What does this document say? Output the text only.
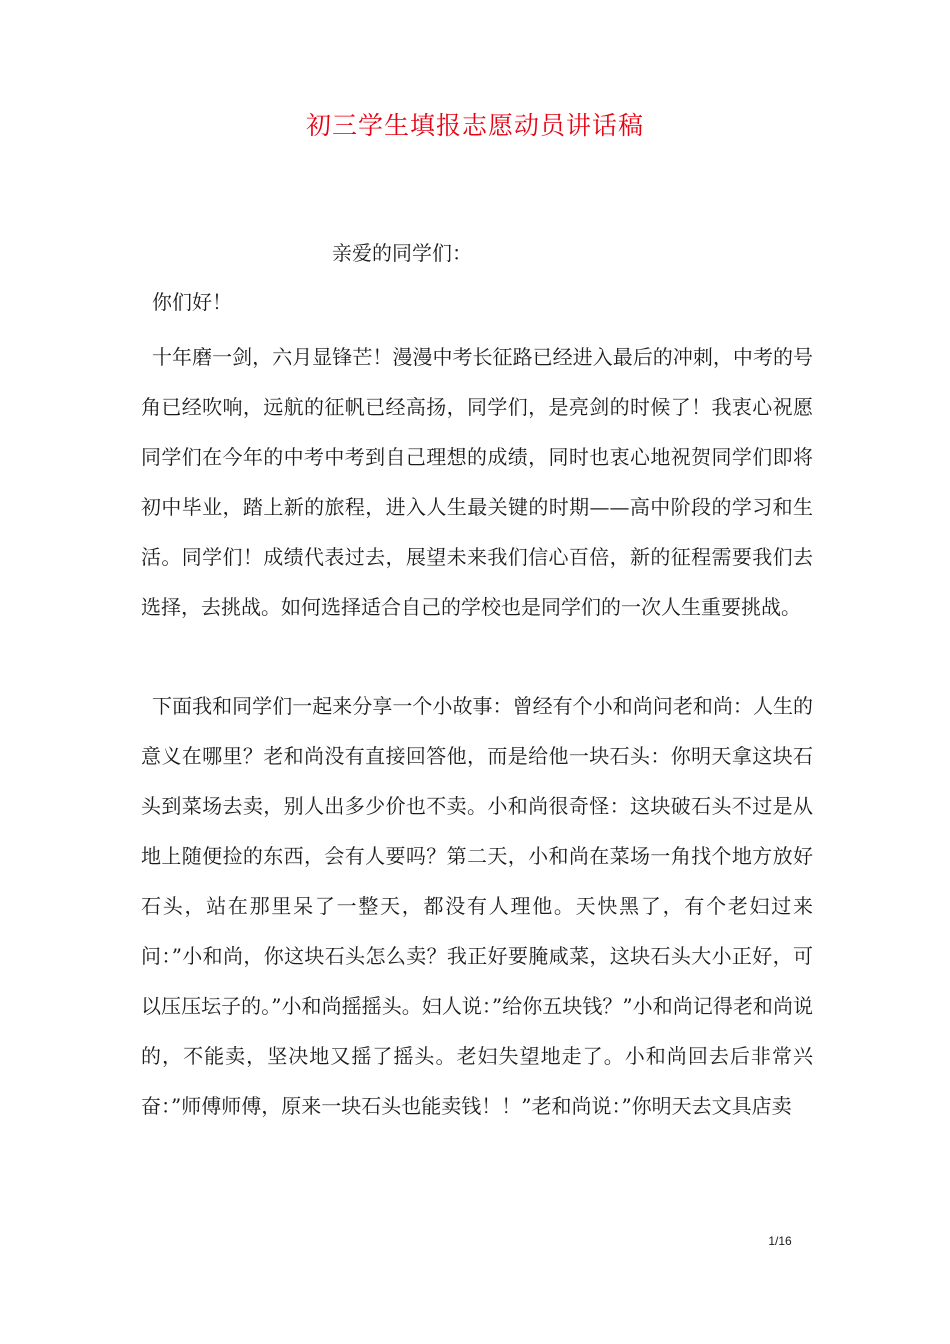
初三学生填报志愿动员讲话稿
亲爱的同学们：
你们好！
十年磨一剑，六月显锋芒！漫漫中考长征路已经进入最后的冲刺，中考的号角已经吹响，远航的征帆已经高扬，同学们，是亮剑的时候了！我衷心祝愿同学们在今年的中考中考到自己理想的成绩，同时也衷心地祝贺同学们即将初中毕业，踏上新的旅程，进入人生最关键的时期——高中阶段的学习和生活。同学们！成绩代表过去，展望未来我们信心百倍，新的征程需要我们去选择，去挑战。如何选择适合自己的学校也是同学们的一次人生重要挑战。
下面我和同学们一起来分享一个小故事：曾经有个小和尚问老和尚：人生的意义在哪里？老和尚没有直接回答他，而是给他一块石头：你明天拿这块石头到菜场去卖，别人出多少价也不卖。小和尚很奇怪：这块破石头不过是从地上随便捡的东西，会有人要吗？第二天，小和尚在菜场一角找个地方放好石头，站在那里呆了一整天，都没有人理他。天快黑了，有个老妇过来问：”小和尚，你这块石头怎么卖？我正好要腌咸菜，这块石头大小正好，可以压压坛子的。”小和尚摇摇头。妇人说：”给你五块钱？”小和尚记得老和尚说的，不能卖，坚决地又摇了摇头。老妇失望地走了。小和尚回去后非常兴奋：”师傅师傅，原来一块石头也能卖钱！！”老和尚说：”你明天去文具店卖
1/16
